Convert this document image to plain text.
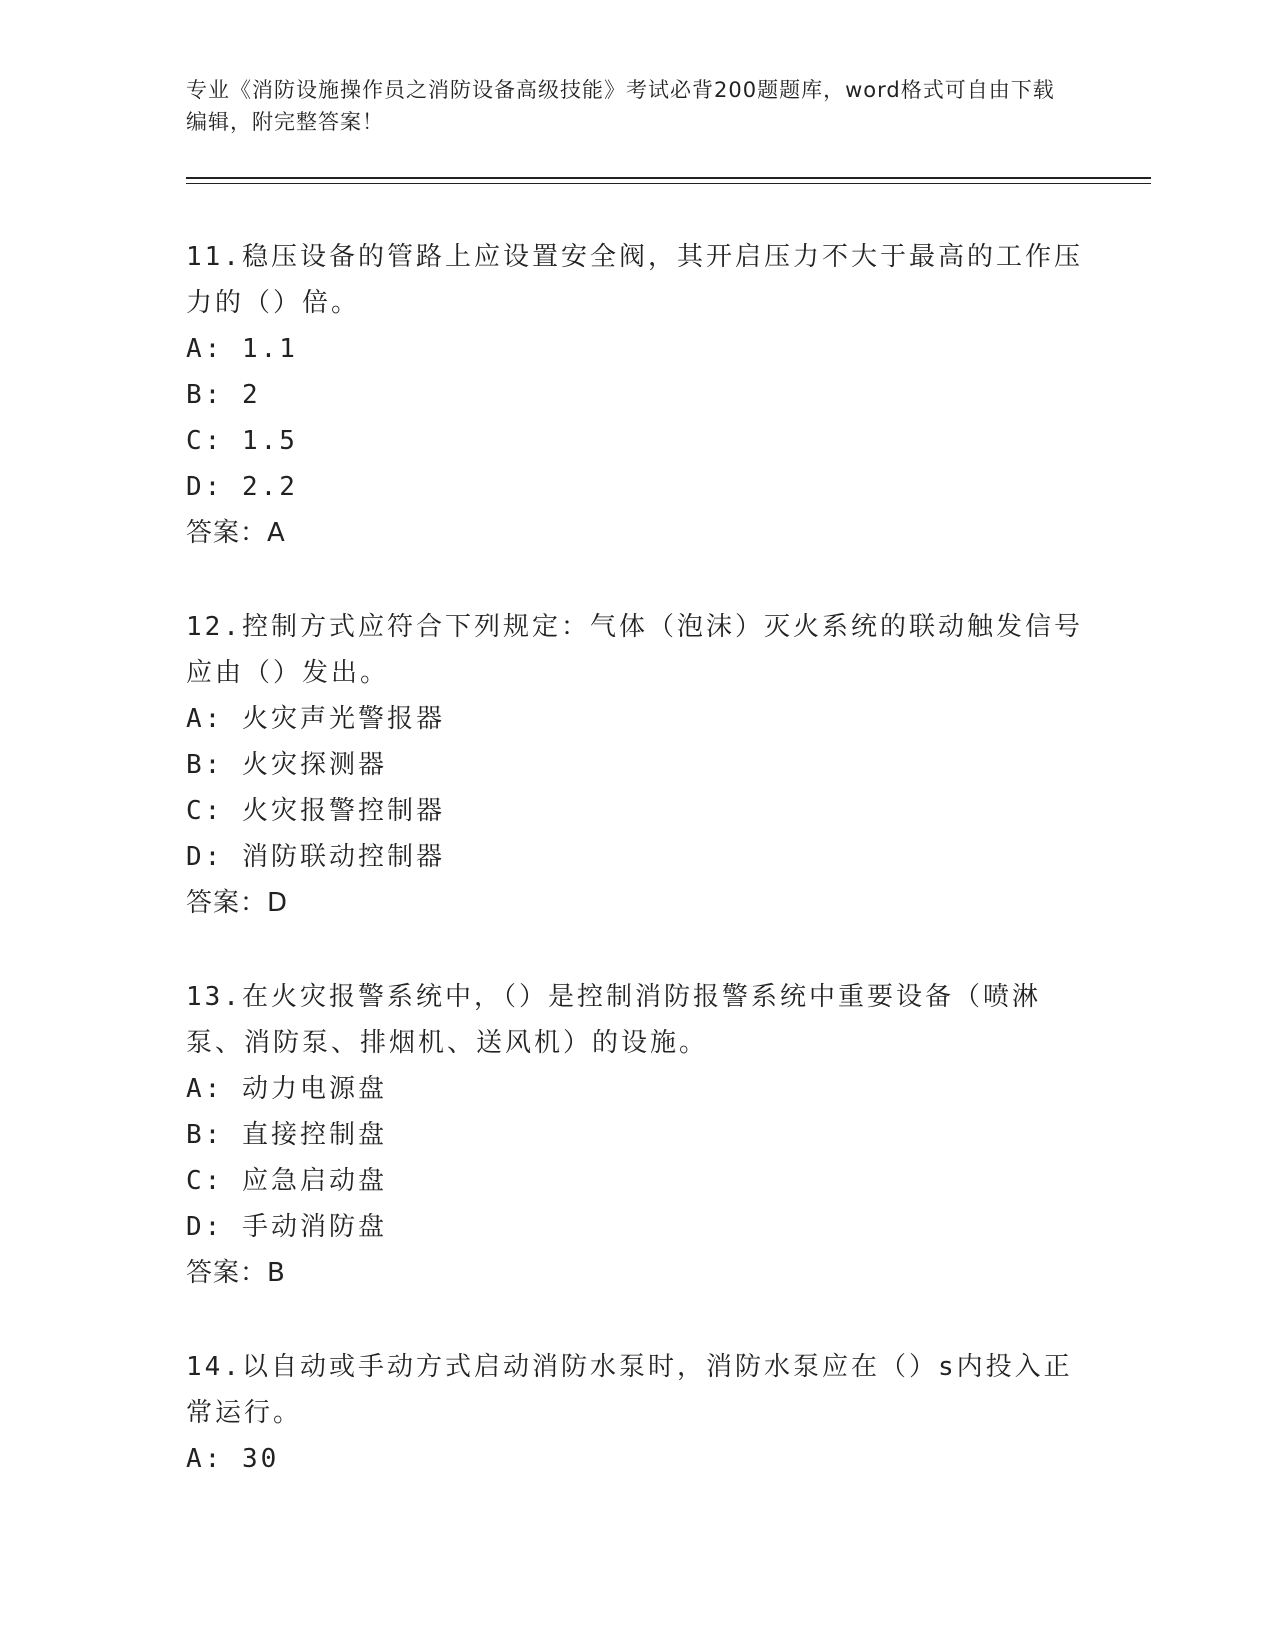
专业《消防设施操作员之消防设备高级技能》考试必背200题题库，word格式可自由下载编辑，附完整答案！

11.稳压设备的管路上应设置安全阀，其开启压力不大于最高的工作压力的（）倍。

A: 1.1

B: 2

C: 1.5

D: 2.2

答案：A

12.控制方式应符合下列规定：气体（泡沫）灭火系统的联动触发信号应由（）发出。

A: 火灾声光警报器

B: 火灾探测器

C: 火灾报警控制器

D: 消防联动控制器

答案：D

13.在火灾报警系统中，（）是控制消防报警系统中重要设备（喷淋泵、消防泵、排烟机、送风机）的设施。

A: 动力电源盘

B: 直接控制盘

C: 应急启动盘

D: 手动消防盘

答案：B

14.以自动或手动方式启动消防水泵时，消防水泵应在（）s内投入正常运行。

A: 30
